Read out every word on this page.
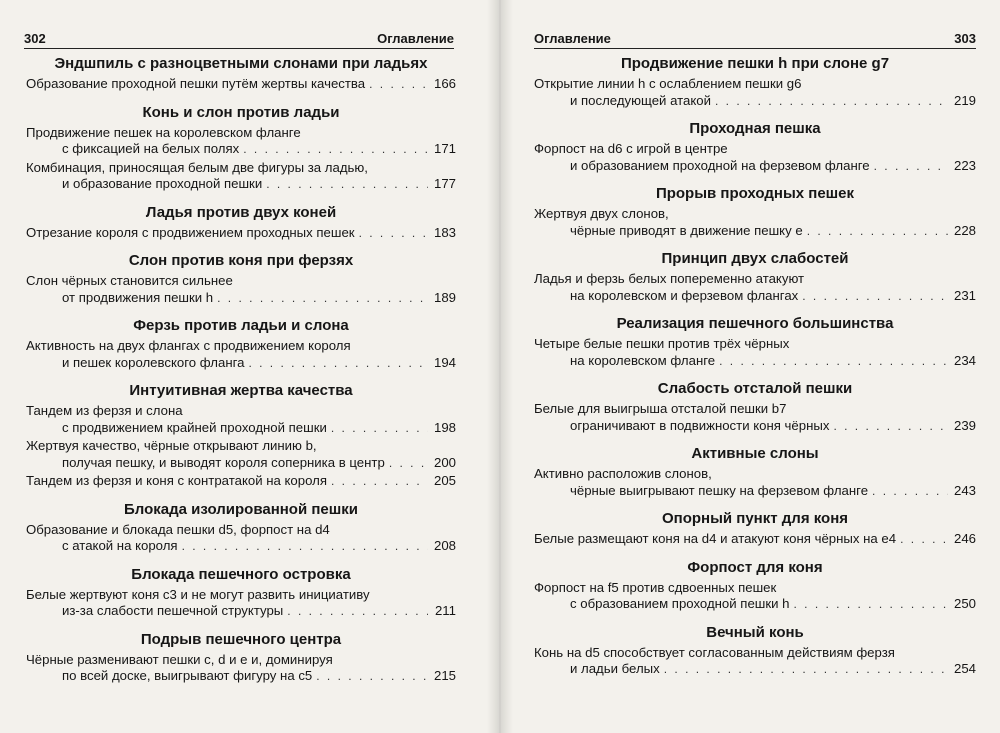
302	Оглавление
Эндшпиль с разноцветными слонами при ладьях
Образование проходной пешки путём жертвы качества . . .	166
Конь и слон против ладьи
Продвижение пешек на королевском фланге
с фиксацией на белых полях . . .	171
Комбинация, приносящая белым две фигуры за ладью,
и образование проходной пешки . . .	177
Ладья против двух коней
Отрезание короля с продвижением проходных пешек . . .	183
Слон против коня при ферзях
Слон чёрных становится сильнее
от продвижения пешки h . . .	189
Ферзь против ладьи и слона
Активность на двух флангах с продвижением короля
и пешек королевского фланга . . .	194
Интуитивная жертва качества
Тандем из ферзя и слона
с продвижением крайней проходной пешки . . .	198
Жертвуя качество, чёрные открывают линию b,
получая пешку, и выводят короля соперника в центр . . .	200
Тандем из ферзя и коня с контратакой на короля . . .	205
Блокада изолированной пешки
Образование и блокада пешки d5, форпост на d4
с атакой на короля . . .	208
Блокада пешечного островка
Белые жертвуют коня c3 и не могут развить инициативу
из-за слабости пешечной структуры . . .	211
Подрыв пешечного центра
Чёрные разменивают пешки c, d и e и, доминируя
по всей доске, выигрывают фигуру на c5 . . .	215
Оглавление	303
Продвижение пешки h при слоне g7
Открытие линии h с ослаблением пешки g6
и последующей атакой . . .	219
Проходная пешка
Форпост на d6 с игрой в центре
и образованием проходной на ферзевом фланге . . .	223
Прорыв проходных пешек
Жертвуя двух слонов,
чёрные приводят в движение пешку e . . .	228
Принцип двух слабостей
Ладья и ферзь белых попеременно атакуют
на королевском и ферзевом флангах . . .	231
Реализация пешечного большинства
Четыре белые пешки против трёх чёрных
на королевском фланге . . .	234
Слабость отсталой пешки
Белые для выигрыша отсталой пешки b7
ограничивают в подвижности коня чёрных . . .	239
Активные слоны
Активно расположив слонов,
чёрные выигрывают пешку на ферзевом фланге . . .	243
Опорный пункт для коня
Белые размещают коня на d4 и атакуют коня чёрных на e4 . . .	246
Форпост для коня
Форпост на f5 против сдвоенных пешек
с образованием проходной пешки h . . .	250
Вечный конь
Конь на d5 способствует согласованным действиям ферзя
и ладьи белых . . .	254
